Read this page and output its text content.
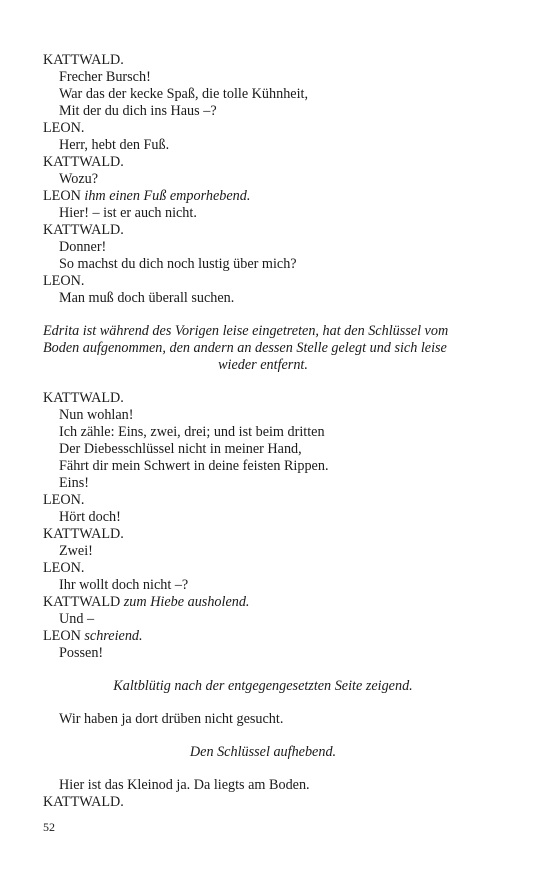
KATTWALD.
Frecher Bursch!
War das der kecke Spaß, die tolle Kühnheit,
Mit der du dich ins Haus –?
LEON.
Herr, hebt den Fuß.
KATTWALD.
Wozu?
LEON ihm einen Fuß emporhebend.
Hier! – ist er auch nicht.
KATTWALD.
Donner!
So machst du dich noch lustig über mich?
LEON.
Man muß doch überall suchen.
Edrita ist während des Vorigen leise eingetreten, hat den Schlüssel vom
Boden aufgenommen, den andern an dessen Stelle gelegt und sich leise
wieder entfernt.
KATTWALD.
Nun wohlan!
Ich zähle: Eins, zwei, drei; und ist beim dritten
Der Diebesschlüssel nicht in meiner Hand,
Fährt dir mein Schwert in deine feisten Rippen.
Eins!
LEON.
Hört doch!
KATTWALD.
Zwei!
LEON.
Ihr wollt doch nicht –?
KATTWALD zum Hiebe ausholend.
Und –
LEON schreiend.
Possen!
Kaltblütig nach der entgegengesetzten Seite zeigend.
Wir haben ja dort drüben nicht gesucht.
Den Schlüssel aufhebend.
Hier ist das Kleinod ja. Da liegts am Boden.
KATTWALD.
52
